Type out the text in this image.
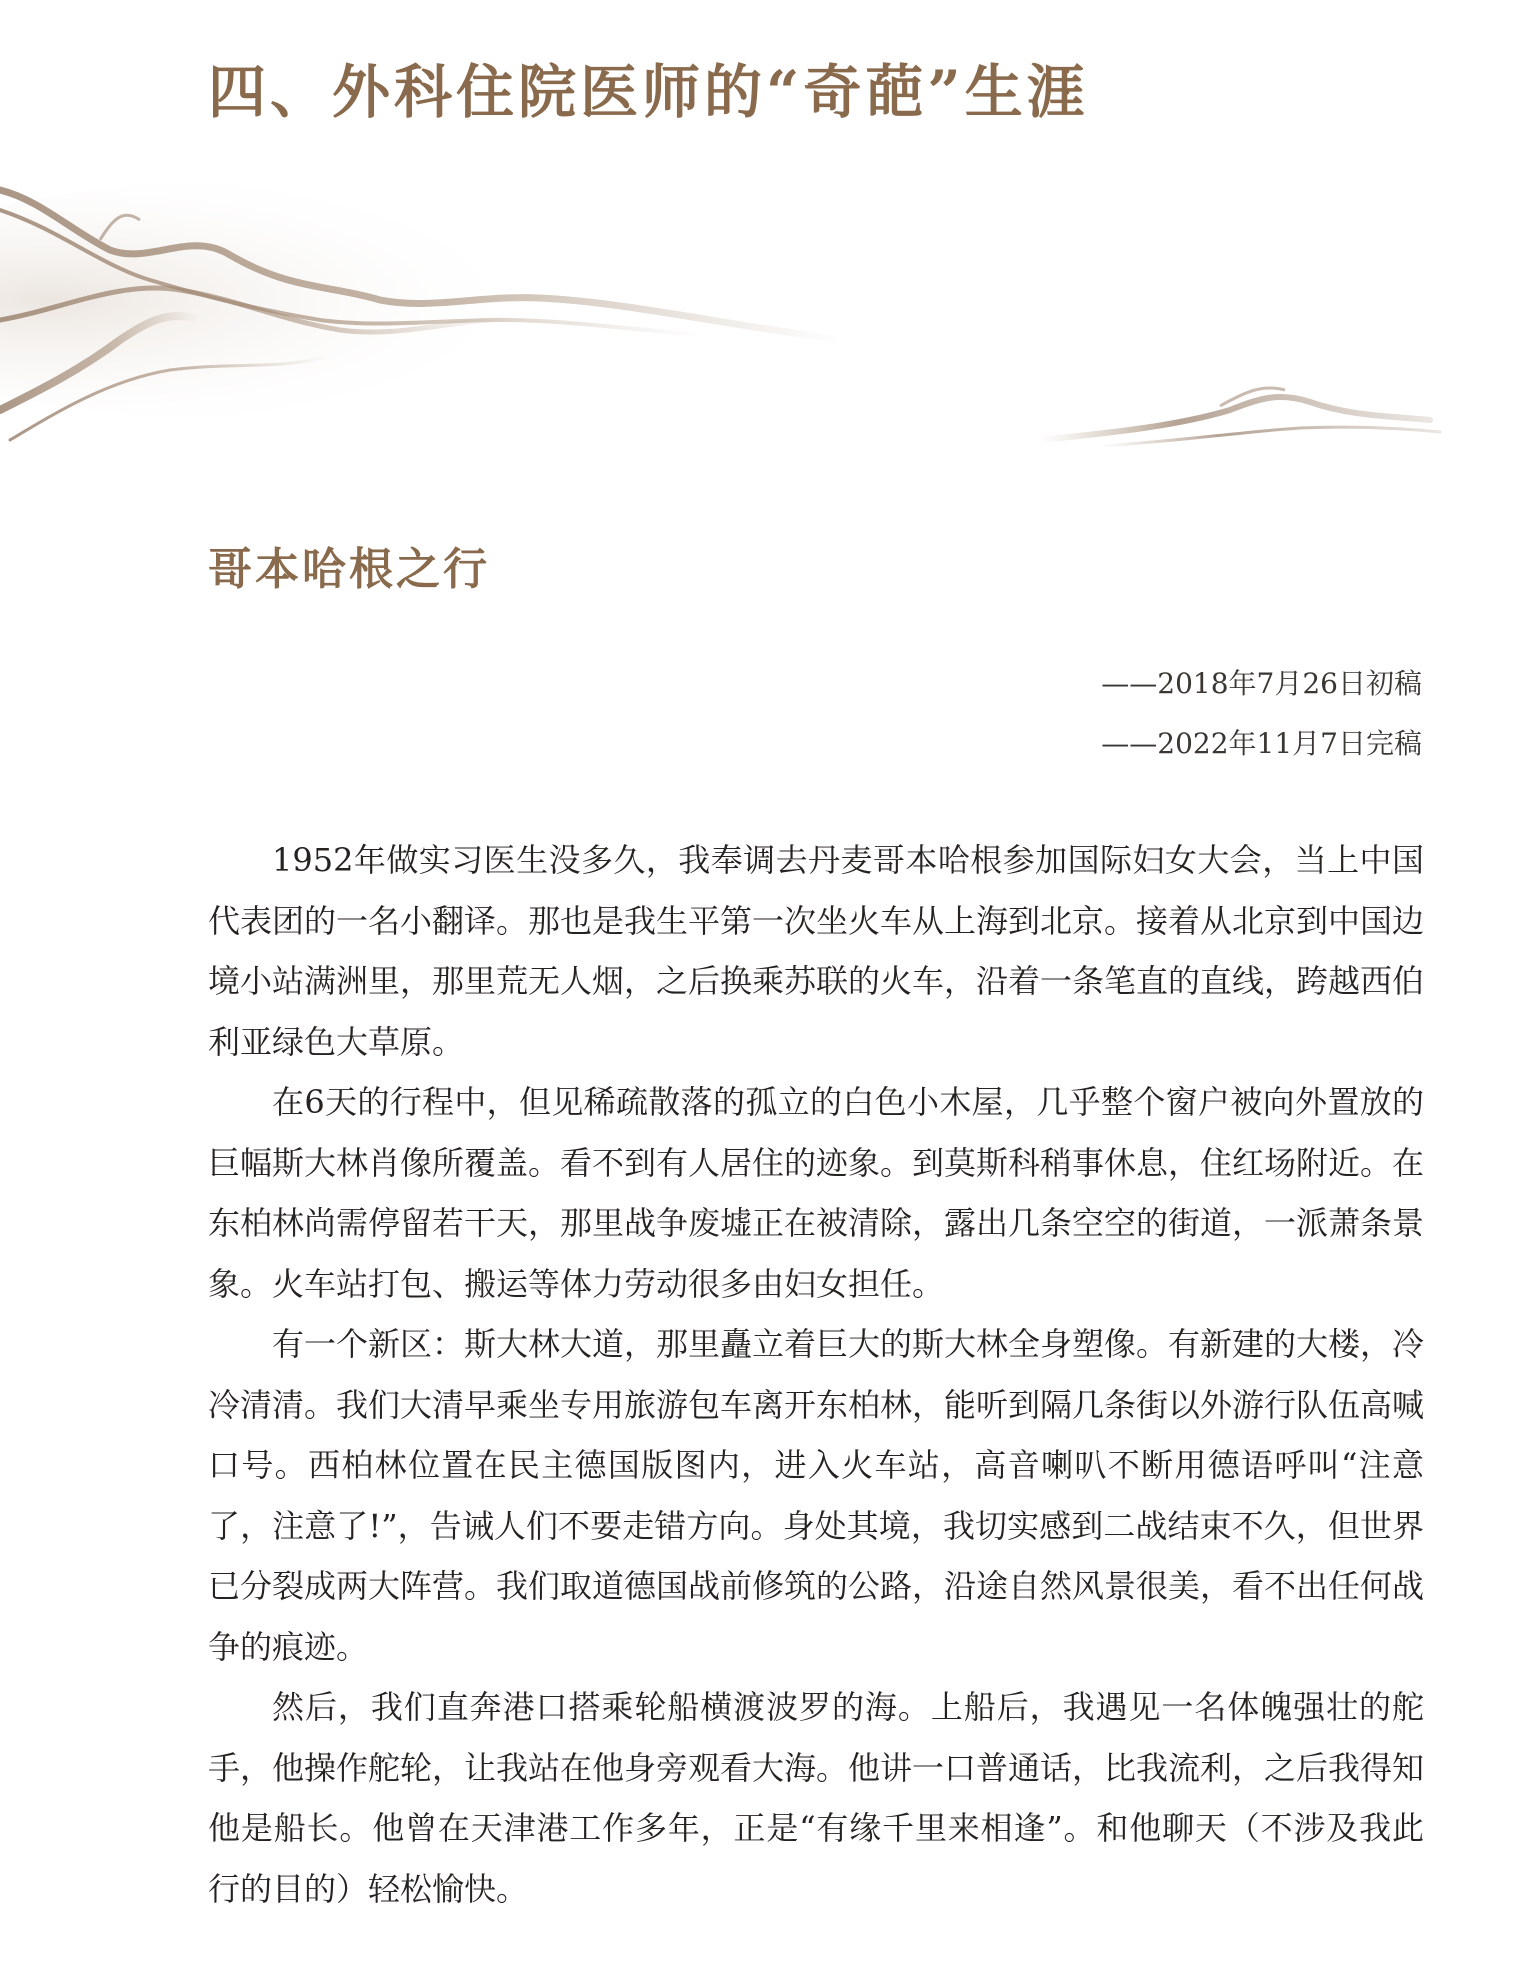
四、外科住院医师的“奇葩”生涯
哥本哈根之行
——2018年7月26日初稿
——2022年11月7日完稿

1952年做实习医生没多久，我奉调去丹麦哥本哈根参加国际妇女大会，当上中国代表团的一名小翻译。那也是我生平第一次坐火车从上海到北京。接着从北京到中国边境小站满洲里，那里荒无人烟，之后换乘苏联的火车，沿着一条笔直的直线，跨越西伯利亚绿色大草原。

在6天的行程中，但见稀疏散落的孤立的白色小木屋，几乎整个窗户被向外置放的巨幅斯大林肖像所覆盖。看不到有人居住的迹象。到莫斯科稍事休息，住红场附近。在东柏林尚需停留若干天，那里战争废墟正在被清除，露出几条空空的街道，一派萧条景象。火车站打包、搬运等体力劳动很多由妇女担任。

有一个新区：斯大林大道，那里矗立着巨大的斯大林全身塑像。有新建的大楼，冷冷清清。我们大清早乘坐专用旅游包车离开东柏林，能听到隔几条街以外游行队伍高喊口号。西柏林位置在民主德国版图内，进入火车站，高音喇叭不断用德语呼叫“注意了，注意了!”，告诫人们不要走错方向。身处其境，我切实感到二战结束不久，但世界已分裂成两大阵营。我们取道德国战前修筑的公路，沿途自然风景很美，看不出任何战争的痕迹。

然后，我们直奔港口搭乘轮船横渡波罗的海。上船后，我遇见一名体魄强壮的舵手，他操作舵轮，让我站在他身旁观看大海。他讲一口普通话，比我流利，之后我得知他是船长。他曾在天津港工作多年，正是“有缘千里来相逢”。和他聊天（不涉及我此行的目的）轻松愉快。
